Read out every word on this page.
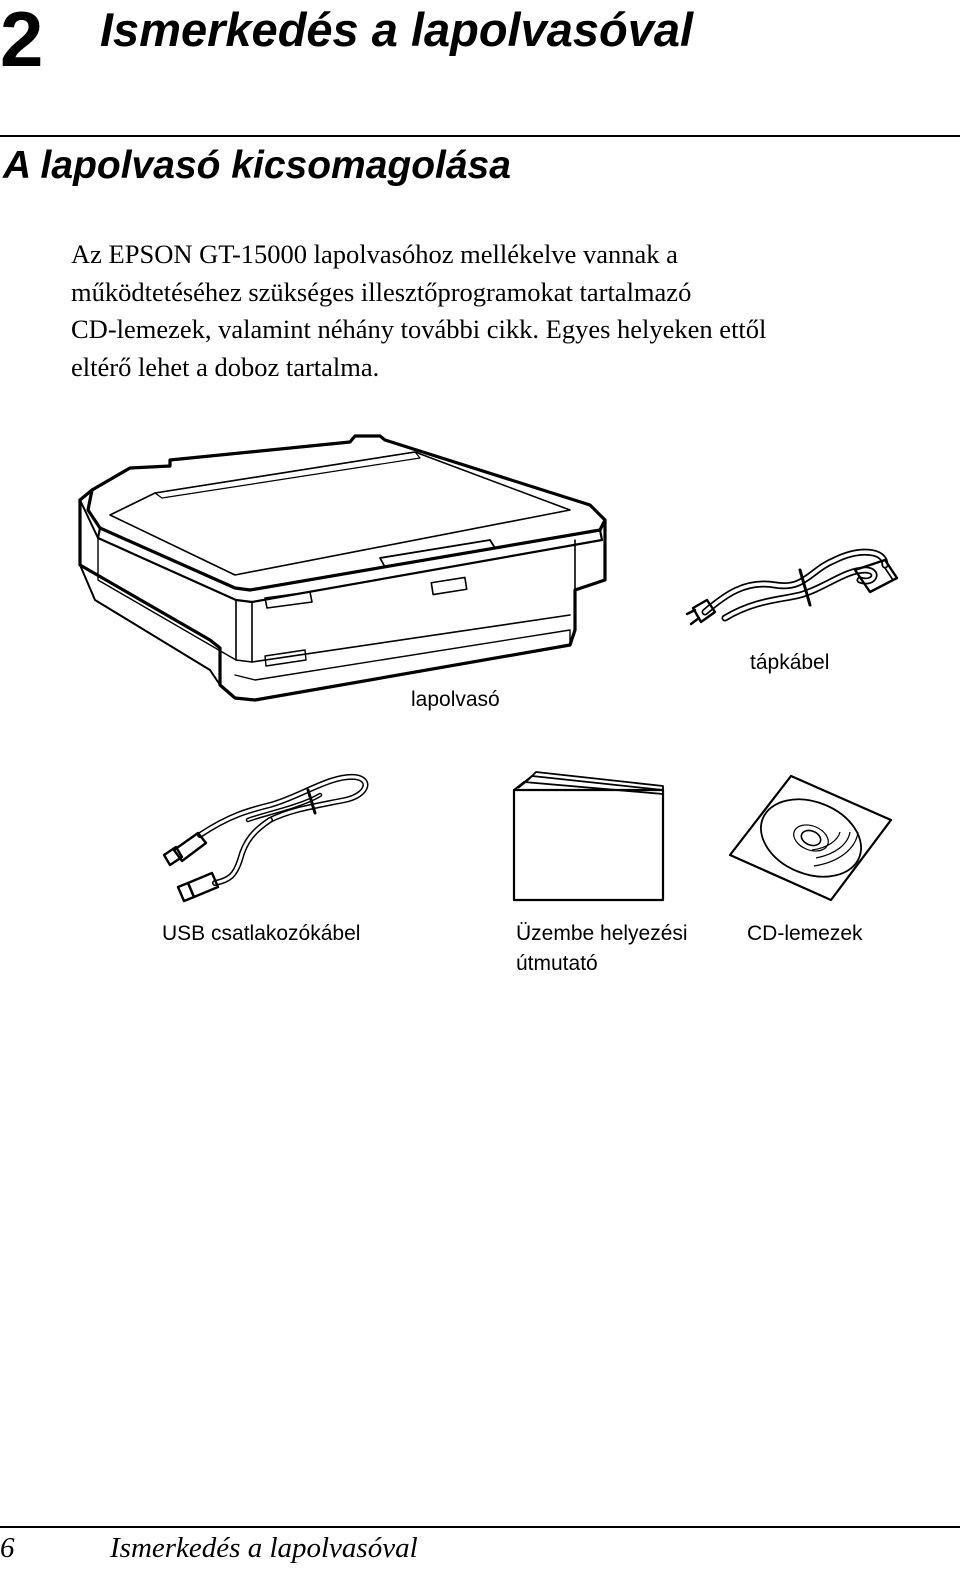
2 Ismerkedés a lapolvasóval
A lapolvasó kicsomagolása

Az EPSON GT-15000 lapolvasóhoz mellékelve vannak a

működtetéséhez szükséges illesztőprogramokat tartalmazó

CD-lemezek, valamint néhány további cikk. Egyes helyeken ettől

eltérő lehet a doboz tartalma.

lapolvasó
tápkábel
USB csatlakozókábel	Üzembe helyezési
útmutató
CD-lemezek
6	Ismerkedés a lapolvasóval
